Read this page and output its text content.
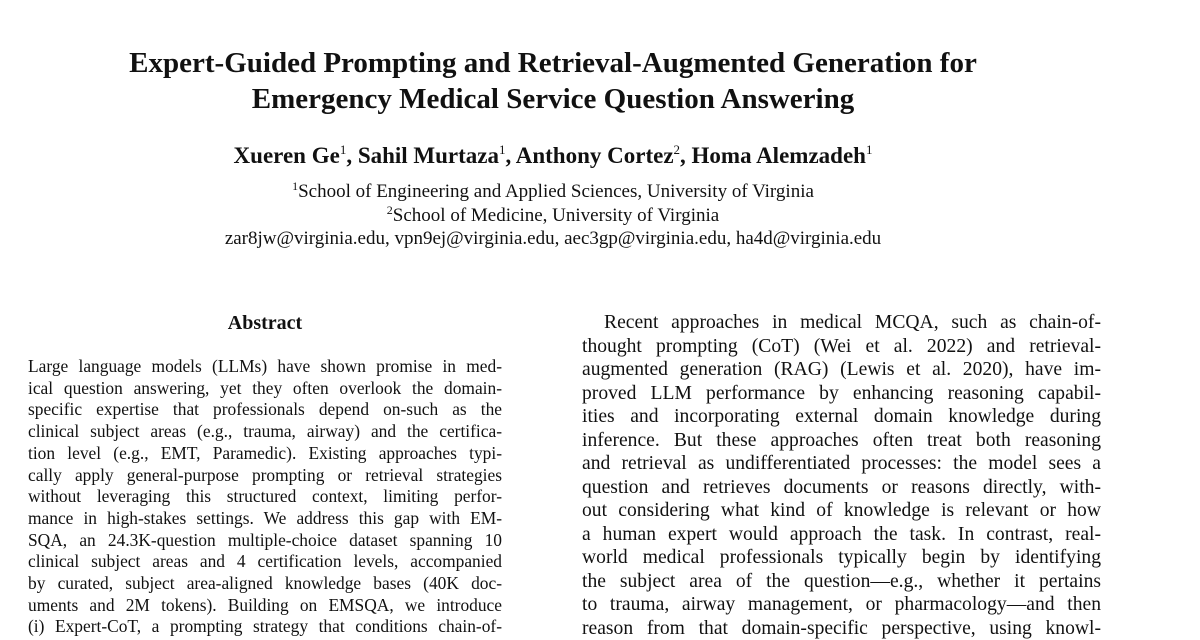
Expert-Guided Prompting and Retrieval-Augmented Generation for
Emergency Medical Service Question Answering
Xueren Ge$^1$, Sahil Murtaza$^1$, Anthony Cortez$^2$, Homa Alemzadeh$^1$
$^1$School of Engineering and Applied Sciences, University of Virginia
$^2$School of Medicine, University of Virginia
zar8jw@virginia.edu, vpn9ej@virginia.edu, aec3gp@virginia.edu, ha4d@virginia.edu
Abstract
Large language models (LLMs) have shown promise in med-
ical question answering, yet they often overlook the domain-
specific expertise that professionals depend on-such as the
clinical subject areas (e.g., trauma, airway) and the certifica-
tion level (e.g., EMT, Paramedic). Existing approaches typi-
cally apply general-purpose prompting or retrieval strategies
without leveraging this structured context, limiting perfor-
mance in high-stakes settings. We address this gap with EM-
SQA, an 24.3K-question multiple-choice dataset spanning 10
clinical subject areas and 4 certification levels, accompanied
by curated, subject area-aligned knowledge bases (40K doc-
uments and 2M tokens). Building on EMSQA, we introduce
(i) Expert-CoT, a prompting strategy that conditions chain-of-
Recent approaches in medical MCQA, such as chain-of-
thought prompting (CoT) (Wei et al. 2022) and retrieval-
augmented generation (RAG) (Lewis et al. 2020), have im-
proved LLM performance by enhancing reasoning capabil-
ities and incorporating external domain knowledge during
inference. But these approaches often treat both reasoning
and retrieval as undifferentiated processes: the model sees a
question and retrieves documents or reasons directly, with-
out considering what kind of knowledge is relevant or how
a human expert would approach the task. In contrast, real-
world medical professionals typically begin by identifying
the subject area of the question—e.g., whether it pertains
to trauma, airway management, or pharmacology—and then
reason from that domain-specific perspective, using knowl-
